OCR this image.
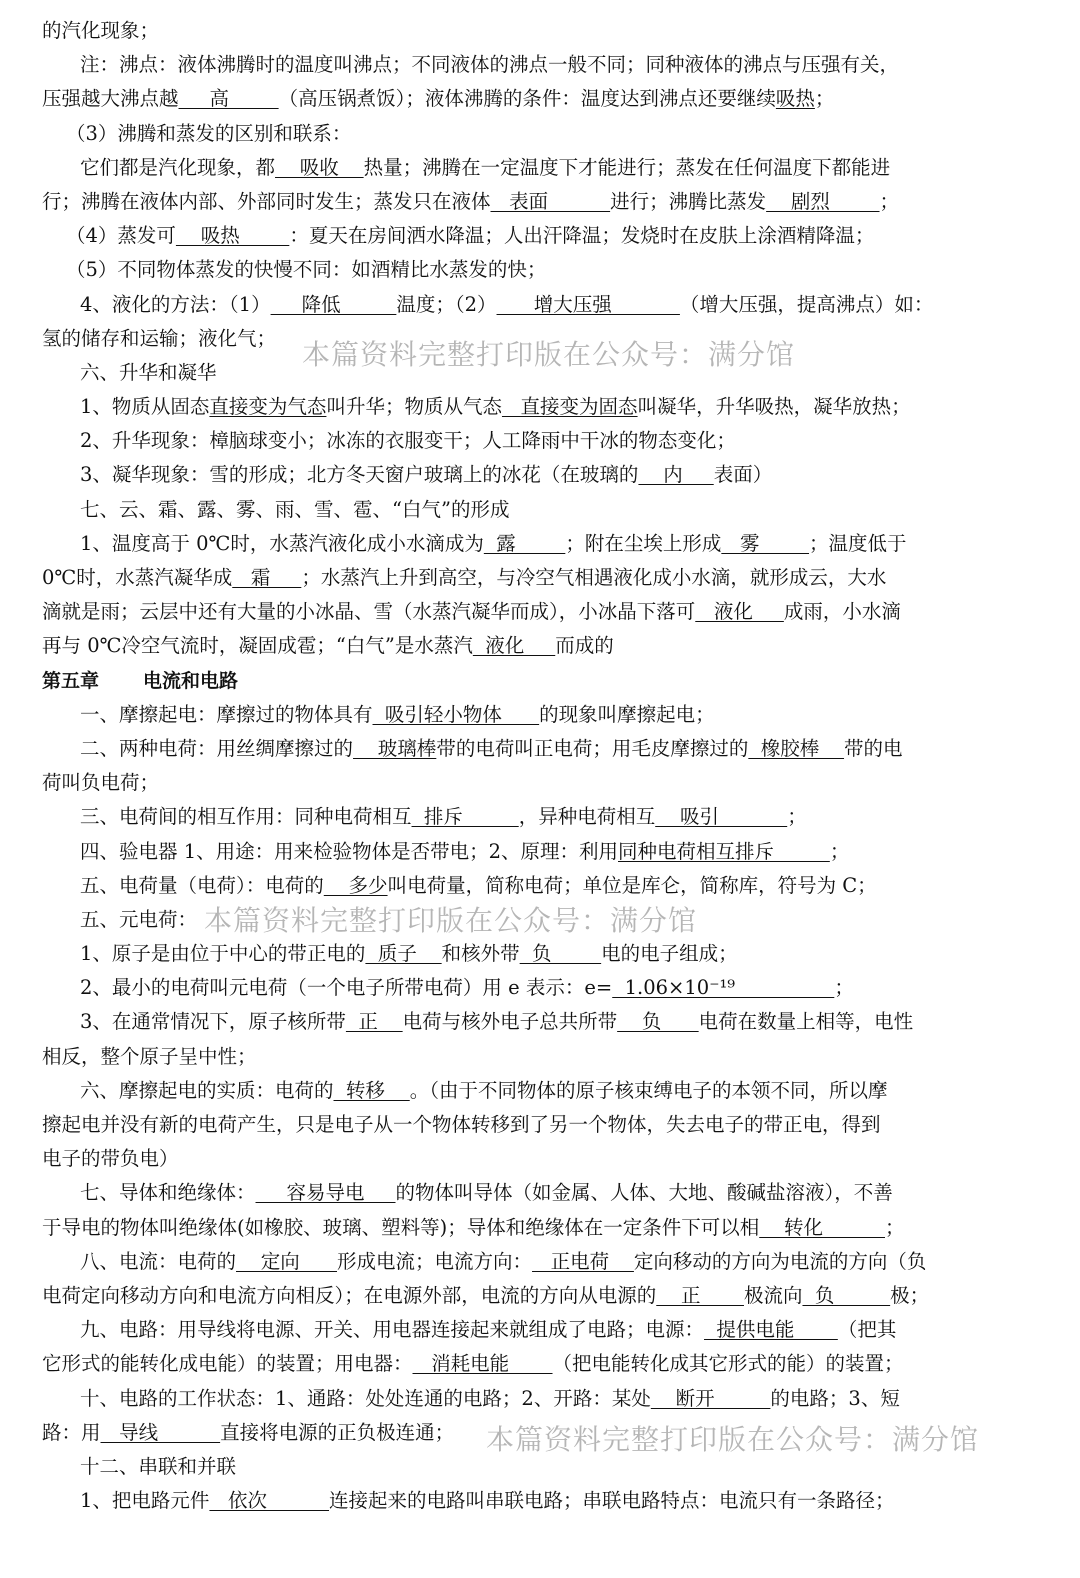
的汽化现象；
注：沸点：液体沸腾时的温度叫沸点；不同液体的沸点一般不同；同种液体的沸点与压强有关，
压强越大沸点越     高        （高压锅煮饭）；液体沸腾的条件：温度达到沸点还要继续吸热；
（3）沸腾和蒸发的区别和联系：
它们都是汽化现象，都    吸收    热量；沸腾在一定温度下才能进行；蒸发在任何温度下都能进
行；沸腾在液体内部、外部同时发生；蒸发只在液体   表面          进行；沸腾比蒸发    剧烈        ；
（4）蒸发可    吸热        ：夏天在房间洒水降温；人出汗降温；发烧时在皮肤上涂酒精降温；
（5）不同物体蒸发的快慢不同：如酒精比水蒸发的快；
4、液化的方法：（1）     降低         温度；（2）      增大压强           （增大压强，提高沸点）如：
氢的储存和运输；液化气；
六、升华和凝华
1、物质从固态直接变为气态叫升华；物质从气态   直接变为固态叫凝华，升华吸热，凝华放热；
2、升华现象：樟脑球变小；冰冻的衣服变干；人工降雨中干冰的物态变化；
3、凝华现象：雪的形成；北方冬天窗户玻璃上的冰花（在玻璃的    内     表面）
七、云、霜、露、雾、雨、雪、雹、“白气”的形成
1、温度高于 0℃时，水蒸汽液化成小水滴成为  露        ；附在尘埃上形成   雾        ；温度低于
0℃时，水蒸汽凝华成   霜     ；水蒸汽上升到高空，与冷空气相遇液化成小水滴，就形成云，大水
滴就是雨；云层中还有大量的小冰晶、雪（水蒸汽凝华而成），小冰晶下落可   液化     成雨，小水滴
再与 0℃冷空气流时，凝固成雹；“白气”是水蒸汽  液化     而成的
第五章 电流和电路
一、摩擦起电：摩擦过的物体具有  吸引轻小物体      的现象叫摩擦起电；
二、两种电荷：用丝绸摩擦过的    玻璃棒带的电荷叫正电荷；用毛皮摩擦过的  橡胶棒    带的电
荷叫负电荷；
三、电荷间的相互作用：同种电荷相互  排斥         ，异种电荷相互    吸引           ；
四、验电器 1、用途：用来检验物体是否带电；2、原理：利用同种电荷相互排斥         ；
五、电荷量（电荷）：电荷的    多少叫电荷量，简称电荷；单位是库仑，简称库，符号为 C；
五、元电荷：
1、原子是由位于中心的带正电的  质子    和核外带  负        电的电子组成；
2、最小的电荷叫元电荷（一个电子所带电荷）用 e 表示：e=  1.06×10⁻¹⁹                ；
3、在通常情况下，原子核所带  正    电荷与核外电子总共所带    负      电荷在数量上相等，电性
相反，整个原子呈中性；
六、摩擦起电的实质：电荷的  转移    。（由于不同物体的原子核束缚电子的本领不同，所以摩
擦起电并没有新的电荷产生，只是电子从一个物体转移到了另一个物体，失去电子的带正电，得到
电子的带负电）
七、导体和绝缘体：     容易导电     的物体叫导体（如金属、人体、大地、酸碱盐溶液），不善
于导电的物体叫绝缘体(如橡胶、玻璃、塑料等)；导体和绝缘体在一定条件下可以相    转化          ；
八、电流：电荷的    定向      形成电流；电流方向：   正电荷    定向移动的方向为电流的方向（负
电荷定向移动方向和电流方向相反）；在电源外部，电流的方向从电源的    正       极流向  负         极；
九、电路：用导线将电源、开关、用电器连接起来就组成了电路；电源：  提供电能       （把其
它形式的能转化成电能）的装置；用电器：   消耗电能       （把电能转化成其它形式的能）的装置；
十、电路的工作状态：1、通路：处处连通的电路；2、开路：某处    断开         的电路；3、短
路：用   导线          直接将电源的正负极连通；
十二、串联和并联
1、把电路元件   依次          连接起来的电路叫串联电路；串联电路特点：电流只有一条路径；
本篇资料完整打印版在公众号：满分馆
本篇资料完整打印版在公众号：满分馆
本篇资料完整打印版在公众号：满分馆
